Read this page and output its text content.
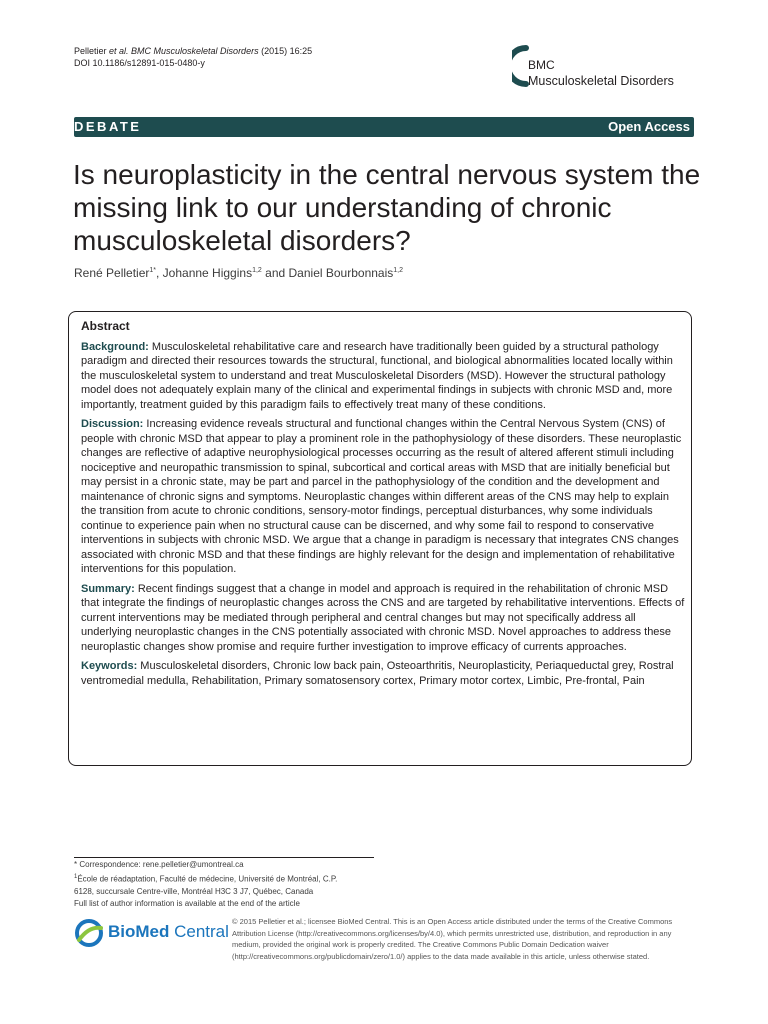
Pelletier et al. BMC Musculoskeletal Disorders (2015) 16:25
DOI 10.1186/s12891-015-0480-y	BMC
Musculoskeletal Disorders
DEBATE	Open Access
Is neuroplasticity in the central nervous system the missing link to our understanding of chronic musculoskeletal disorders?
René Pelletier$^{1*}$, Johanne Higgins$^{1,2}$ and Daniel Bourbonnais$^{1,2}$
Abstract

Background: Musculoskeletal rehabilitative care and research have traditionally been guided by a structural pathology paradigm and directed their resources towards the structural, functional, and biological abnormalities located locally within the musculoskeletal system to understand and treat Musculoskeletal Disorders (MSD). However the structural pathology model does not adequately explain many of the clinical and experimental findings in subjects with chronic MSD and, more importantly, treatment guided by this paradigm fails to effectively treat many of these conditions.

Discussion: Increasing evidence reveals structural and functional changes within the Central Nervous System (CNS) of people with chronic MSD that appear to play a prominent role in the pathophysiology of these disorders. These neuroplastic changes are reflective of adaptive neurophysiological processes occurring as the result of altered afferent stimuli including nociceptive and neuropathic transmission to spinal, subcortical and cortical areas with MSD that are initially beneficial but may persist in a chronic state, may be part and parcel in the pathophysiology of the condition and the development and maintenance of chronic signs and symptoms. Neuroplastic changes within different areas of the CNS may help to explain the transition from acute to chronic conditions, sensory-motor findings, perceptual disturbances, why some individuals continue to experience pain when no structural cause can be discerned, and why some fail to respond to conservative interventions in subjects with chronic MSD. We argue that a change in paradigm is necessary that integrates CNS changes associated with chronic MSD and that these findings are highly relevant for the design and implementation of rehabilitative interventions for this population.

Summary: Recent findings suggest that a change in model and approach is required in the rehabilitation of chronic MSD that integrate the findings of neuroplastic changes across the CNS and are targeted by rehabilitative interventions. Effects of current interventions may be mediated through peripheral and central changes but may not specifically address all underlying neuroplastic changes in the CNS potentially associated with chronic MSD. Novel approaches to address these neuroplastic changes show promise and require further investigation to improve efficacy of currents approaches.

Keywords: Musculoskeletal disorders, Chronic low back pain, Osteoarthritis, Neuroplasticity, Periaqueductal grey, Rostral ventromedial medulla, Rehabilitation, Primary somatosensory cortex, Primary motor cortex, Limbic, Pre-frontal, Pain

* Correspondence: rene.pelletier@umontreal.ca
$^1$École de réadaptation, Faculté de médecine, Université de Montréal, C.P.
6128, succursale Centre-ville, Montréal H3C 3 J7, Québec, Canada
Full list of author information is available at the end of the article
BioMed Central
© 2015 Pelletier et al.; licensee BioMed Central. This is an Open Access article distributed under the terms of the Creative Commons Attribution License (http://creativecommons.org/licenses/by/4.0), which permits unrestricted use, distribution, and reproduction in any medium, provided the original work is properly credited. The Creative Commons Public Domain Dedication waiver (http://creativecommons.org/publicdomain/zero/1.0/) applies to the data made available in this article, unless otherwise stated.
